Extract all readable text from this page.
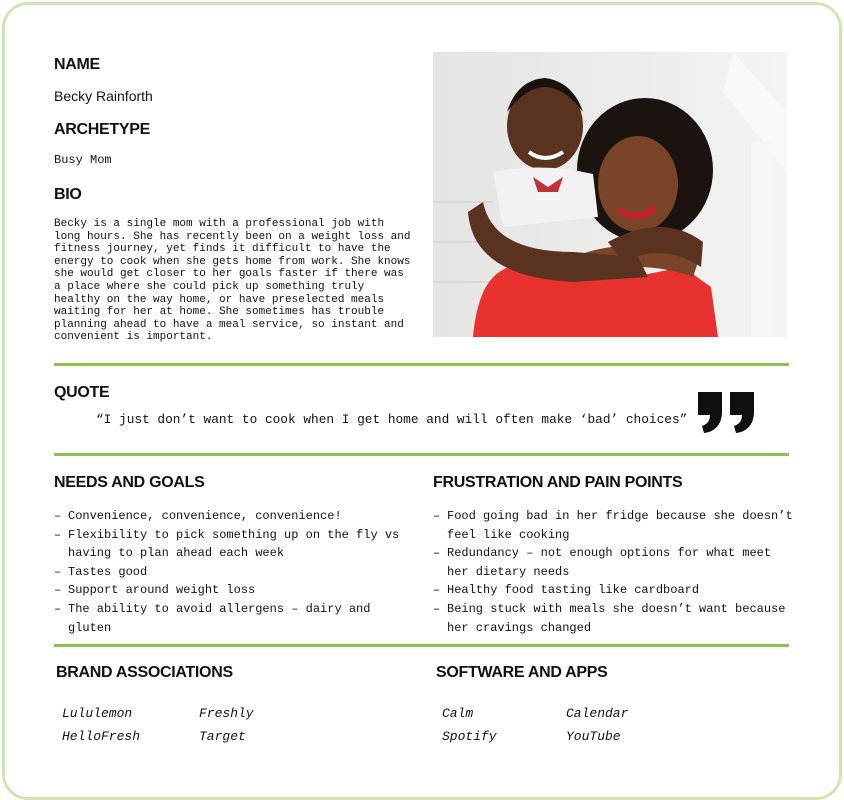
NAME

Becky Rainforth

ARCHETYPE

Busy Mom

BIO

Becky is a single mom with a professional job with long hours. She has recently been on a weight loss and fitness journey, yet finds it difficult to have the energy to cook when she gets home from work. She knows she would get closer to her goals faster if there was a place where she could pick up something truly healthy on the way home, or have preselected meals waiting for her at home. She sometimes has trouble planning ahead to have a meal service, so instant and convenient is important.

QUOTE

“I just don’t want to cook when I get home and will often make ‘bad’ choices”

NEEDS AND GOALS
– Convenience, convenience, convenience!
– Flexibility to pick something up on the fly vs having to plan ahead each week
– Tastes good
– Support around weight loss
– The ability to avoid allergens – dairy and gluten
FRUSTRATION AND PAIN POINTS
– Food going bad in her fridge because she doesn’t feel like cooking
– Redundancy – not enough options for what meet her dietary needs
– Healthy food tasting like cardboard
– Being stuck with meals she doesn’t want because her cravings changed
BRAND ASSOCIATIONS

Lululemon	Freshly

HelloFresh	Target

SOFTWARE AND APPS

Calm	Calendar

Spotify	YouTube
